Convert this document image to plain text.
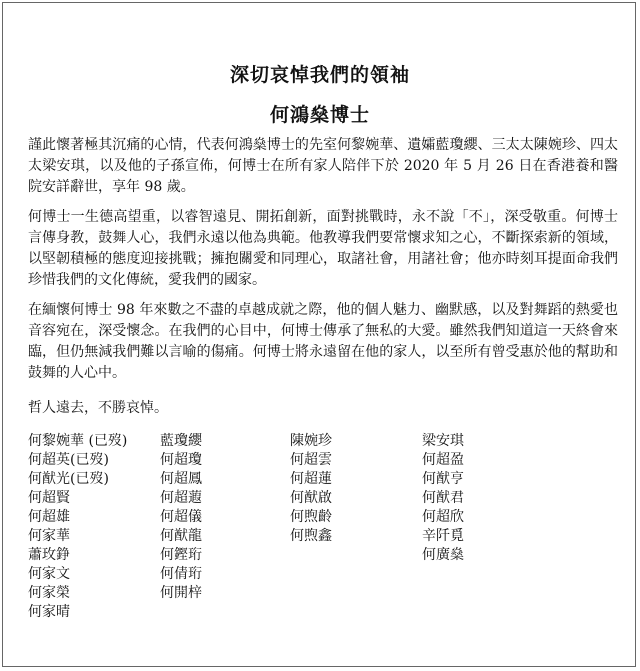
深切哀悼我們的領袖
何鴻燊博士

謹此懷著極其沉痛的心情，代表何鴻燊博士的先室何黎婉華、遺孀藍瓊纓、三太太陳婉珍、四太太梁安琪，以及他的子孫宣佈，何博士在所有家人陪伴下於 2020 年 5 月 26 日在香港養和醫院安詳辭世，享年 98 歲。

何博士一生德高望重，以睿智遠見、開拓創新，面對挑戰時，永不說「不」，深受敬重。何博士言傳身教，鼓舞人心，我們永遠以他為典範。他教導我們要常懷求知之心，不斷探索新的領域，以堅韌積極的態度迎接挑戰；擁抱關愛和同理心，取諸社會，用諸社會；他亦時刻耳提面命我們珍惜我們的文化傳統，愛我們的國家。

在緬懷何博士 98 年來數之不盡的卓越成就之際，他的個人魅力、幽默感，以及對舞蹈的熱愛也音容宛在，深受懷念。在我們的心目中，何博士傳承了無私的大愛。雖然我們知道這一天終會來臨，但仍無減我們難以言喻的傷痛。何博士將永遠留在他的家人，以至所有曾受惠於他的幫助和鼓舞的人心中。

哲人遠去，不勝哀悼。

何黎婉華 (已歿)
何超英(已歿)
何猷光(已歿)
何超賢
何超雄
何家華
蕭玫錚
何家文
何家榮
何家晴
藍瓊纓
何超瓊
何超鳳
何超蕸
何超儀
何猷龍
何鏗珩
何倩珩
何開梓
陳婉珍
何超雲
何超蓮
何猷啟
何煦齡
何煦鑫
梁安琪
何超盈
何猷亨
何猷君
何超欣
辛阡覓
何廣燊
